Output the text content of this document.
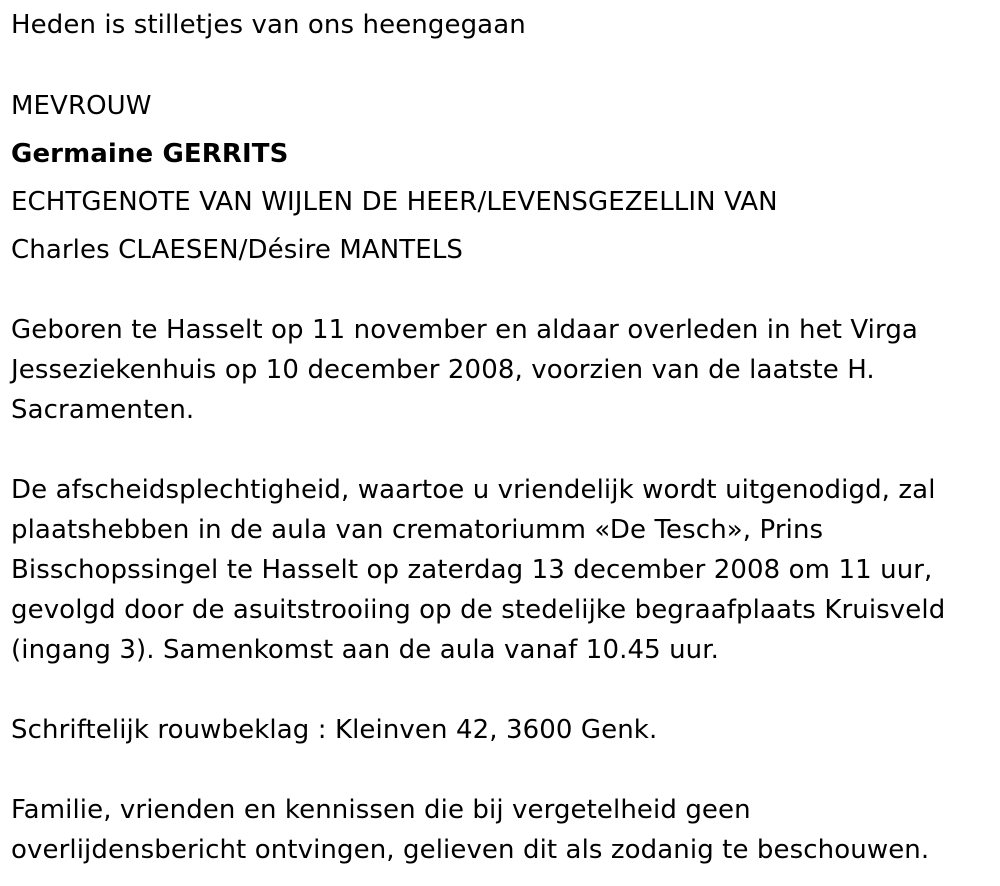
Heden is stilletjes van ons heengegaan
MEVROUW
Germaine GERRITS
ECHTGENOTE VAN WIJLEN DE HEER/LEVENSGEZELLIN VAN
Charles CLAESEN/Désire MANTELS
Geboren te Hasselt op 11 november en aldaar overleden in het Virga
Jesseziekenhuis op 10 december 2008, voorzien van de laatste H.
Sacramenten.
De afscheidsplechtigheid, waartoe u vriendelijk wordt uitgenodigd, zal
plaatshebben in de aula van crematoriumm «De Tesch», Prins
Bisschopssingel te Hasselt op zaterdag 13 december 2008 om 11 uur,
gevolgd door de asuitstrooiing op de stedelijke begraafplaats Kruisveld
(ingang 3). Samenkomst aan de aula vanaf 10.45 uur.
Schriftelijk rouwbeklag : Kleinven 42, 3600 Genk.
Familie, vrienden en kennissen die bij vergetelheid geen
overlijdensbericht ontvingen, gelieven dit als zodanig te beschouwen.
